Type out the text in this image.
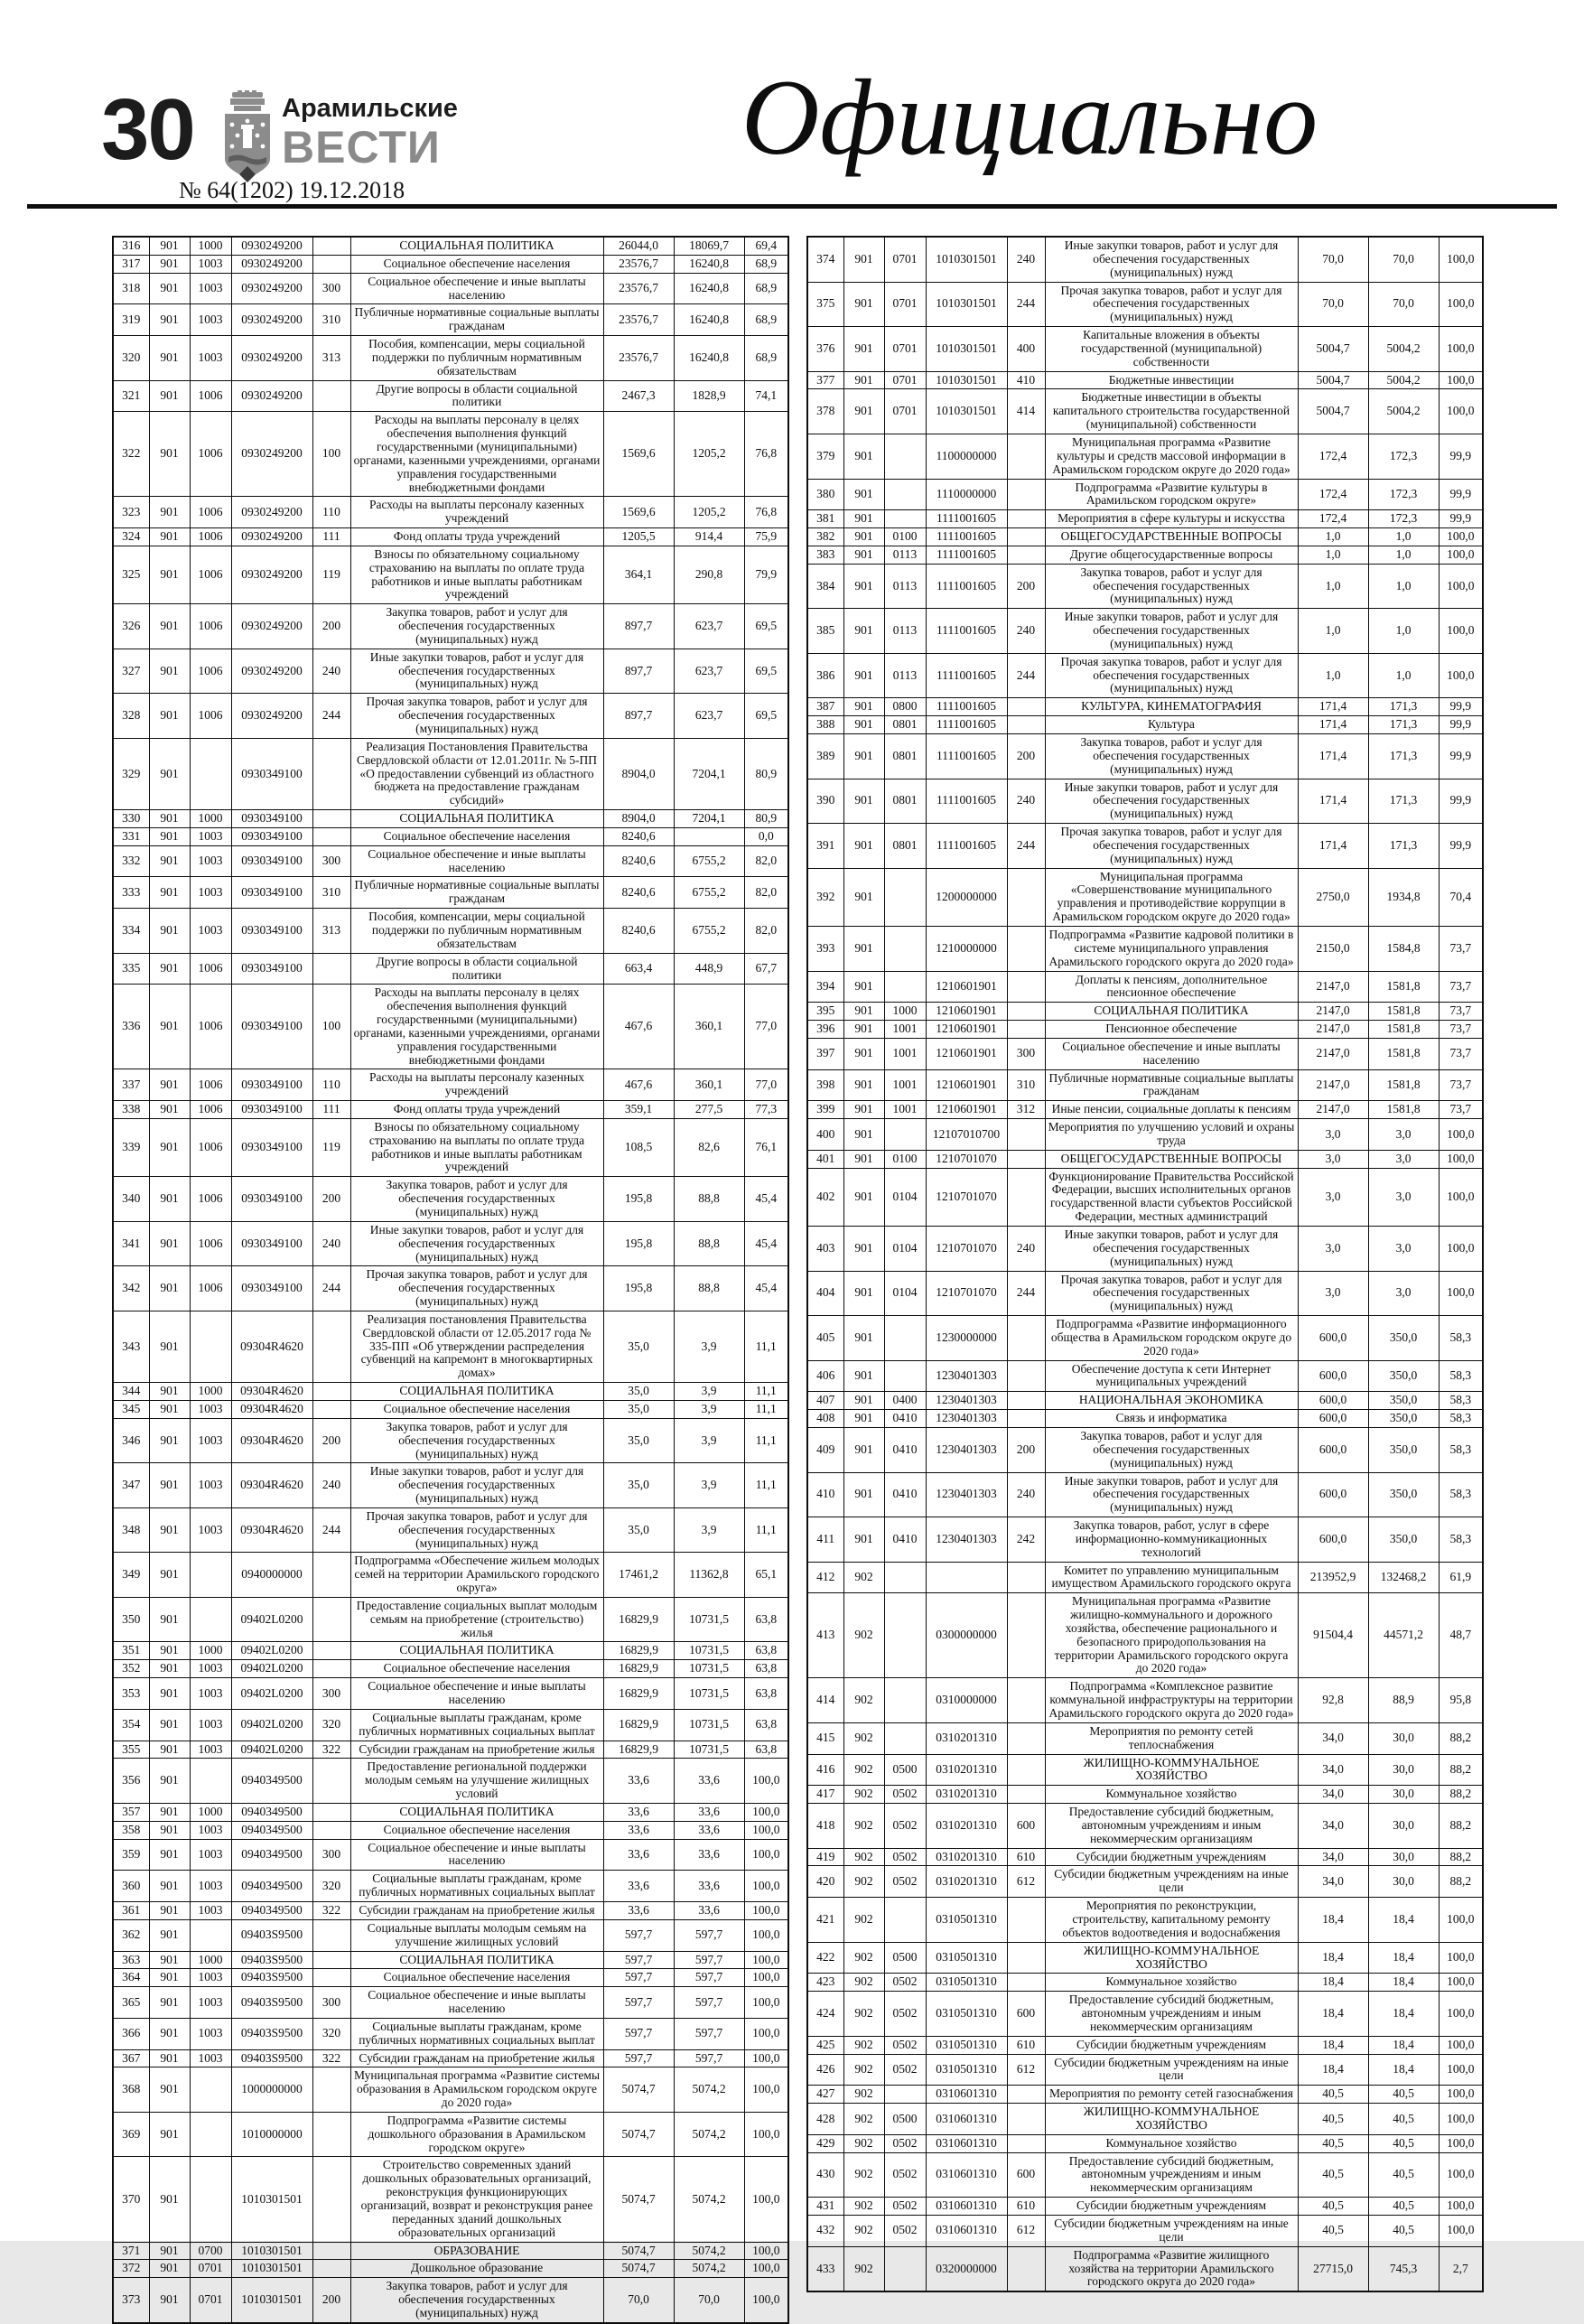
30	Арамильские
ВЕСТИ
№ 64(1202) 19.12.2018
Официально
316	901	1000	0930249200		СОЦИАЛЬНАЯ ПОЛИТИКА	26044,0	18069,7	69,4
317	901	1003	0930249200		Социальное обеспечение населения	23576,7	16240,8	68,9
318	901	1003	0930249200	300	Социальное обеспечение и иные выплаты населению	23576,7	16240,8	68,9
319	901	1003	0930249200	310	Публичные нормативные социальные выплаты гражданам	23576,7	16240,8	68,9
320	901	1003	0930249200	313	Пособия, компенсации, меры социальной поддержки по публичным нормативным обязательствам	23576,7	16240,8	68,9
321	901	1006	0930249200		Другие вопросы в области социальной политики	2467,3	1828,9	74,1
322	901	1006	0930249200	100	Расходы на выплаты персоналу в целях обеспечения выполнения функций государственными (муниципальными) органами, казенными учреждениями, органами управления государственными внебюджетными фондами	1569,6	1205,2	76,8
323	901	1006	0930249200	110	Расходы на выплаты персоналу казенных учреждений	1569,6	1205,2	76,8
324	901	1006	0930249200	111	Фонд оплаты труда учреждений	1205,5	914,4	75,9
325	901	1006	0930249200	119	Взносы по обязательному социальному страхованию на выплаты по оплате труда работников и иные выплаты работникам учреждений	364,1	290,8	79,9
326	901	1006	0930249200	200	Закупка товаров, работ и услуг для обеспечения государственных (муниципальных) нужд	897,7	623,7	69,5
327	901	1006	0930249200	240	Иные закупки товаров, работ и услуг для обеспечения государственных (муниципальных) нужд	897,7	623,7	69,5
328	901	1006	0930249200	244	Прочая закупка товаров, работ и услуг для обеспечения государственных (муниципальных) нужд	897,7	623,7	69,5
329	901		0930349100		Реализация Постановления Правительства Свердловской области от 12.01.2011г. № 5-ПП «О предоставлении субвенций из областного бюджета на предоставление гражданам субсидий»	8904,0	7204,1	80,9
330	901	1000	0930349100		СОЦИАЛЬНАЯ ПОЛИТИКА	8904,0	7204,1	80,9
331	901	1003	0930349100		Социальное обеспечение населения	8240,6		0,0
332	901	1003	0930349100	300	Социальное обеспечение и иные выплаты населению	8240,6	6755,2	82,0
333	901	1003	0930349100	310	Публичные нормативные социальные выплаты гражданам	8240,6	6755,2	82,0
334	901	1003	0930349100	313	Пособия, компенсации, меры социальной поддержки по публичным нормативным обязательствам	8240,6	6755,2	82,0
335	901	1006	0930349100		Другие вопросы в области социальной политики	663,4	448,9	67,7
336	901	1006	0930349100	100	Расходы на выплаты персоналу в целях обеспечения выполнения функций государственными (муниципальными) органами, казенными учреждениями, органами управления государственными внебюджетными фондами	467,6	360,1	77,0
337	901	1006	0930349100	110	Расходы на выплаты персоналу казенных учреждений	467,6	360,1	77,0
338	901	1006	0930349100	111	Фонд оплаты труда учреждений	359,1	277,5	77,3
339	901	1006	0930349100	119	Взносы по обязательному социальному страхованию на выплаты по оплате труда работников и иные выплаты работникам учреждений	108,5	82,6	76,1
340	901	1006	0930349100	200	Закупка товаров, работ и услуг для обеспечения государственных (муниципальных) нужд	195,8	88,8	45,4
341	901	1006	0930349100	240	Иные закупки товаров, работ и услуг для обеспечения государственных (муниципальных) нужд	195,8	88,8	45,4
342	901	1006	0930349100	244	Прочая закупка товаров, работ и услуг для обеспечения государственных (муниципальных) нужд	195,8	88,8	45,4
343	901		09304R4620		Реализация постановления Правительства Свердловской области от 12.05.2017 года № 335-ПП «Об утверждении распределения субвенций на капремонт в многоквартирных домах»	35,0	3,9	11,1
344	901	1000	09304R4620		СОЦИАЛЬНАЯ ПОЛИТИКА	35,0	3,9	11,1
345	901	1003	09304R4620		Социальное обеспечение населения	35,0	3,9	11,1
346	901	1003	09304R4620	200	Закупка товаров, работ и услуг для обеспечения государственных (муниципальных) нужд	35,0	3,9	11,1
347	901	1003	09304R4620	240	Иные закупки товаров, работ и услуг для обеспечения государственных (муниципальных) нужд	35,0	3,9	11,1
348	901	1003	09304R4620	244	Прочая закупка товаров, работ и услуг для обеспечения государственных (муниципальных) нужд	35,0	3,9	11,1
349	901		0940000000		Подпрограмма «Обеспечение жильем молодых семей на территории Арамильского городского округа»	17461,2	11362,8	65,1
350	901		09402L0200		Предоставление социальных выплат молодым семьям на приобретение (строительство) жилья	16829,9	10731,5	63,8
351	901	1000	09402L0200		СОЦИАЛЬНАЯ ПОЛИТИКА	16829,9	10731,5	63,8
352	901	1003	09402L0200		Социальное обеспечение населения	16829,9	10731,5	63,8
353	901	1003	09402L0200	300	Социальное обеспечение и иные выплаты населению	16829,9	10731,5	63,8
354	901	1003	09402L0200	320	Социальные выплаты гражданам, кроме публичных нормативных социальных выплат	16829,9	10731,5	63,8
355	901	1003	09402L0200	322	Субсидии гражданам на приобретение жилья	16829,9	10731,5	63,8
356	901		0940349500		Предоставление региональной поддержки молодым семьям на улучшение жилищных условий	33,6	33,6	100,0
357	901	1000	0940349500		СОЦИАЛЬНАЯ ПОЛИТИКА	33,6	33,6	100,0
358	901	1003	0940349500		Социальное обеспечение населения	33,6	33,6	100,0
359	901	1003	0940349500	300	Социальное обеспечение и иные выплаты населению	33,6	33,6	100,0
360	901	1003	0940349500	320	Социальные выплаты гражданам, кроме публичных нормативных социальных выплат	33,6	33,6	100,0
361	901	1003	0940349500	322	Субсидии гражданам на приобретение жилья	33,6	33,6	100,0
362	901		09403S9500		Социальные выплаты молодым семьям на улучшение жилищных условий	597,7	597,7	100,0
363	901	1000	09403S9500		СОЦИАЛЬНАЯ ПОЛИТИКА	597,7	597,7	100,0
364	901	1003	09403S9500		Социальное обеспечение населения	597,7	597,7	100,0
365	901	1003	09403S9500	300	Социальное обеспечение и иные выплаты населению	597,7	597,7	100,0
366	901	1003	09403S9500	320	Социальные выплаты гражданам, кроме публичных нормативных социальных выплат	597,7	597,7	100,0
367	901	1003	09403S9500	322	Субсидии гражданам на приобретение жилья	597,7	597,7	100,0
368	901		1000000000		Муниципальная программа «Развитие системы образования в Арамильском городском округе до 2020 года»	5074,7	5074,2	100,0
369	901		1010000000		Подпрограмма «Развитие системы дошкольного образования в Арамильском городском округе»	5074,7	5074,2	100,0
370	901		1010301501		Строительство современных зданий дошкольных образовательных организаций, реконструкция функционирующих организаций, возврат и реконструкция ранее переданных зданий дошкольных образовательных организаций	5074,7	5074,2	100,0
371	901	0700	1010301501		ОБРАЗОВАНИЕ	5074,7	5074,2	100,0
372	901	0701	1010301501		Дошкольное образование	5074,7	5074,2	100,0
373	901	0701	1010301501	200	Закупка товаров, работ и услуг для обеспечения государственных (муниципальных) нужд	70,0	70,0	100,0
374	901	0701	1010301501	240	Иные закупки товаров, работ и услуг для обеспечения государственных (муниципальных) нужд	70,0	70,0	100,0
375	901	0701	1010301501	244	Прочая закупка товаров, работ и услуг для обеспечения государственных (муниципальных) нужд	70,0	70,0	100,0
376	901	0701	1010301501	400	Капитальные вложения в объекты государственной (муниципальной) собственности	5004,7	5004,2	100,0
377	901	0701	1010301501	410	Бюджетные инвестиции	5004,7	5004,2	100,0
378	901	0701	1010301501	414	Бюджетные инвестиции в объекты капитального строительства государственной (муниципальной) собственности	5004,7	5004,2	100,0
379	901		1100000000		Муниципальная программа «Развитие культуры и средств массовой информации в Арамильском городском округе до 2020 года»	172,4	172,3	99,9
380	901		1110000000		Подпрограмма «Развитие культуры в Арамильском городском округе»	172,4	172,3	99,9
381	901		1111001605		Мероприятия в сфере культуры и искусства	172,4	172,3	99,9
382	901	0100	1111001605		ОБЩЕГОСУДАРСТВЕННЫЕ ВОПРОСЫ	1,0	1,0	100,0
383	901	0113	1111001605		Другие общегосударственные вопросы	1,0	1,0	100,0
384	901	0113	1111001605	200	Закупка товаров, работ и услуг для обеспечения государственных (муниципальных) нужд	1,0	1,0	100,0
385	901	0113	1111001605	240	Иные закупки товаров, работ и услуг для обеспечения государственных (муниципальных) нужд	1,0	1,0	100,0
386	901	0113	1111001605	244	Прочая закупка товаров, работ и услуг для обеспечения государственных (муниципальных) нужд	1,0	1,0	100,0
387	901	0800	1111001605		КУЛЬТУРА, КИНЕМАТОГРАФИЯ	171,4	171,3	99,9
388	901	0801	1111001605		Культура	171,4	171,3	99,9
389	901	0801	1111001605	200	Закупка товаров, работ и услуг для обеспечения государственных (муниципальных) нужд	171,4	171,3	99,9
390	901	0801	1111001605	240	Иные закупки товаров, работ и услуг для обеспечения государственных (муниципальных) нужд	171,4	171,3	99,9
391	901	0801	1111001605	244	Прочая закупка товаров, работ и услуг для обеспечения государственных (муниципальных) нужд	171,4	171,3	99,9
392	901		1200000000		Муниципальная программа «Совершенствование муниципального управления и противодействие коррупции в Арамильском городском округе до 2020 года»	2750,0	1934,8	70,4
393	901		1210000000		Подпрограмма «Развитие кадровой политики в системе муниципального управления Арамильского городского округа до 2020 года»	2150,0	1584,8	73,7
394	901		1210601901		Доплаты к пенсиям, дополнительное пенсионное обеспечение	2147,0	1581,8	73,7
395	901	1000	1210601901		СОЦИАЛЬНАЯ ПОЛИТИКА	2147,0	1581,8	73,7
396	901	1001	1210601901		Пенсионное обеспечение	2147,0	1581,8	73,7
397	901	1001	1210601901	300	Социальное обеспечение и иные выплаты населению	2147,0	1581,8	73,7
398	901	1001	1210601901	310	Публичные нормативные социальные выплаты гражданам	2147,0	1581,8	73,7
399	901	1001	1210601901	312	Иные пенсии, социальные доплаты к пенсиям	2147,0	1581,8	73,7
400	901		12107010700		Мероприятия по улучшению условий и охраны труда	3,0	3,0	100,0
401	901	0100	1210701070		ОБЩЕГОСУДАРСТВЕННЫЕ ВОПРОСЫ	3,0	3,0	100,0
402	901	0104	1210701070		Функционирование Правительства Российской Федерации, высших исполнительных органов государственной власти субъектов Российской Федерации, местных администраций	3,0	3,0	100,0
403	901	0104	1210701070	240	Иные закупки товаров, работ и услуг для обеспечения государственных (муниципальных) нужд	3,0	3,0	100,0
404	901	0104	1210701070	244	Прочая закупка товаров, работ и услуг для обеспечения государственных (муниципальных) нужд	3,0	3,0	100,0
405	901		1230000000		Подпрограмма «Развитие информационного общества в Арамильском городском округе до 2020 года»	600,0	350,0	58,3
406	901		1230401303		Обеспечение доступа к сети Интернет муниципальных учреждений	600,0	350,0	58,3
407	901	0400	1230401303		НАЦИОНАЛЬНАЯ ЭКОНОМИКА	600,0	350,0	58,3
408	901	0410	1230401303		Связь и информатика	600,0	350,0	58,3
409	901	0410	1230401303	200	Закупка товаров, работ и услуг для обеспечения государственных (муниципальных) нужд	600,0	350,0	58,3
410	901	0410	1230401303	240	Иные закупки товаров, работ и услуг для обеспечения государственных (муниципальных) нужд	600,0	350,0	58,3
411	901	0410	1230401303	242	Закупка товаров, работ, услуг в сфере информационно-коммуникационных технологий	600,0	350,0	58,3
412	902				Комитет по управлению муниципальным имуществом Арамильского городского округа	213952,9	132468,2	61,9
413	902		0300000000		Муниципальная программа «Развитие жилищно-коммунального и дорожного хозяйства, обеспечение рационального и безопасного природопользования на территории Арамильского городского округа до 2020 года»	91504,4	44571,2	48,7
414	902		0310000000		Подпрограмма «Комплексное развитие коммунальной инфраструктуры на территории Арамильского городского округа до 2020 года»	92,8	88,9	95,8
415	902		0310201310		Мероприятия по ремонту сетей теплоснабжения	34,0	30,0	88,2
416	902	0500	0310201310		ЖИЛИЩНО-КОММУНАЛЬНОЕ ХОЗЯЙСТВО	34,0	30,0	88,2
417	902	0502	0310201310		Коммунальное хозяйство	34,0	30,0	88,2
418	902	0502	0310201310	600	Предоставление субсидий бюджетным, автономным учреждениям и иным некоммерческим организациям	34,0	30,0	88,2
419	902	0502	0310201310	610	Субсидии бюджетным учреждениям	34,0	30,0	88,2
420	902	0502	0310201310	612	Субсидии бюджетным учреждениям на иные цели	34,0	30,0	88,2
421	902		0310501310		Мероприятия по реконструкции, строительству, капитальному ремонту объектов водоотведения и водоснабжения	18,4	18,4	100,0
422	902	0500	0310501310		ЖИЛИЩНО-КОММУНАЛЬНОЕ ХОЗЯЙСТВО	18,4	18,4	100,0
423	902	0502	0310501310		Коммунальное хозяйство	18,4	18,4	100,0
424	902	0502	0310501310	600	Предоставление субсидий бюджетным, автономным учреждениям и иным некоммерческим организациям	18,4	18,4	100,0
425	902	0502	0310501310	610	Субсидии бюджетным учреждениям	18,4	18,4	100,0
426	902	0502	0310501310	612	Субсидии бюджетным учреждениям на иные цели	18,4	18,4	100,0
427	902		0310601310		Мероприятия по ремонту сетей газоснабжения	40,5	40,5	100,0
428	902	0500	0310601310		ЖИЛИЩНО-КОММУНАЛЬНОЕ ХОЗЯЙСТВО	40,5	40,5	100,0
429	902	0502	0310601310		Коммунальное хозяйство	40,5	40,5	100,0
430	902	0502	0310601310	600	Предоставление субсидий бюджетным, автономным учреждениям и иным некоммерческим организациям	40,5	40,5	100,0
431	902	0502	0310601310	610	Субсидии бюджетным учреждениям	40,5	40,5	100,0
432	902	0502	0310601310	612	Субсидии бюджетным учреждениям на иные цели	40,5	40,5	100,0
433	902		0320000000		Подпрограмма «Развитие жилищного хозяйства на территории Арамильского городского округа до 2020 года»	27715,0	745,3	2,7
